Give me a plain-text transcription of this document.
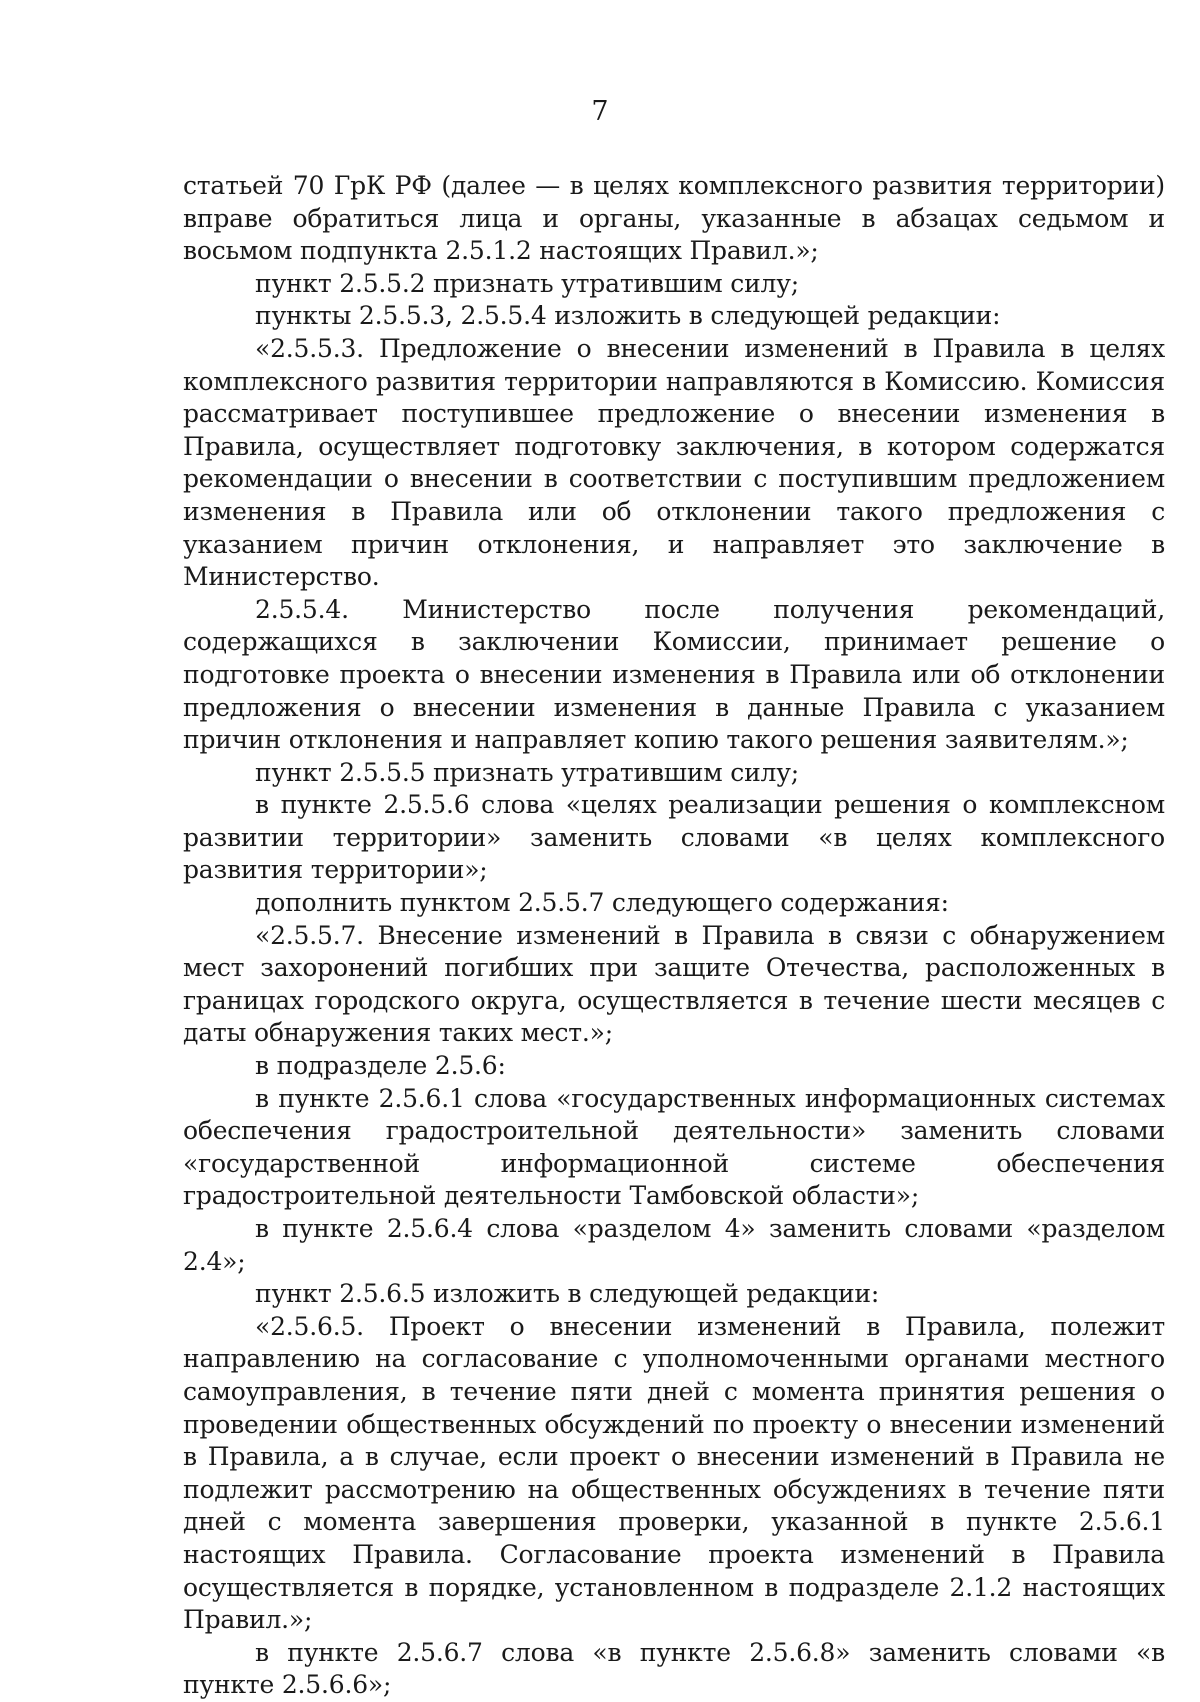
7

статьей 70 ГрК РФ (далее — в целях комплексного развития территории) вправе обратиться лица и органы, указанные в абзацах седьмом и восьмом подпункта 2.5.1.2 настоящих Правил.»;

пункт 2.5.5.2 признать утратившим силу;

пункты 2.5.5.3, 2.5.5.4 изложить в следующей редакции:

«2.5.5.3. Предложение о внесении изменений в Правила в целях комплексного развития территории направляются в Комиссию. Комиссия рассматривает поступившее предложение о внесении изменения в Правила, осуществляет подготовку заключения, в котором содержатся рекомендации о внесении в соответствии с поступившим предложением изменения в Правила или об отклонении такого предложения с указанием причин отклонения, и направляет это заключение в Министерство.

2.5.5.4. Министерство после получения рекомендаций, содержащихся в заключении Комиссии, принимает решение о подготовке проекта о внесении изменения в Правила или об отклонении предложения о внесении изменения в данные Правила с указанием причин отклонения и направляет копию такого решения заявителям.»;

пункт 2.5.5.5 признать утратившим силу;

в пункте 2.5.5.6 слова «целях реализации решения о комплексном развитии территории» заменить словами «в целях комплексного развития территории»;

дополнить пунктом 2.5.5.7 следующего содержания:

«2.5.5.7. Внесение изменений в Правила в связи с обнаружением мест захоронений погибших при защите Отечества, расположенных в границах городского округа, осуществляется в течение шести месяцев с даты обнаружения таких мест.»;

в подразделе 2.5.6:

в пункте 2.5.6.1 слова «государственных информационных системах обеспечения градостроительной деятельности» заменить словами «государственной информационной системе обеспечения градостроительной деятельности Тамбовской области»;

в пункте 2.5.6.4 слова «разделом 4» заменить словами «разделом 2.4»;

пункт 2.5.6.5 изложить в следующей редакции:

«2.5.6.5. Проект о внесении изменений в Правила, полежит направлению на согласование с уполномоченными органами местного самоуправления, в течение пяти дней с момента принятия решения о проведении общественных обсуждений по проекту о внесении изменений в Правила, а в случае, если проект о внесении изменений в Правила не подлежит рассмотрению на общественных обсуждениях в течение пяти дней с момента завершения проверки, указанной в пункте 2.5.6.1 настоящих Правила. Согласование проекта изменений в Правила осуществляется в порядке, установленном в подразделе 2.1.2 настоящих Правил.»;

в пункте 2.5.6.7 слова «в пункте 2.5.6.8» заменить словами «в пункте 2.5.6.6»;
